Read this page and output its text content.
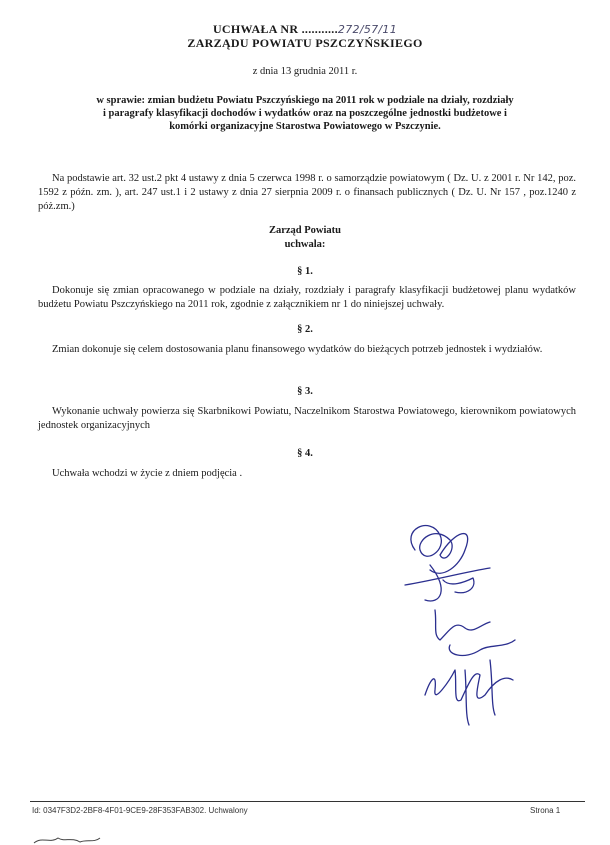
UCHWAŁA NR ...........272/57/11
ZARZĄDU POWIATU PSZCZYŃSKIEGO
z dnia 13 grudnia 2011 r.
w sprawie: zmian budżetu Powiatu Pszczyńskiego na 2011 rok w podziale na działy, rozdziały i paragrafy klasyfikacji dochodów i wydatków oraz na poszczególne jednostki budżetowe i komórki organizacyjne Starostwa Powiatowego w Pszczynie.
Na podstawie art. 32 ust.2 pkt 4 ustawy z dnia 5 czerwca 1998 r. o samorządzie powiatowym ( Dz. U. z 2001 r. Nr 142, poz. 1592 z późn. zm. ), art. 247 ust.1 i 2 ustawy z dnia 27 sierpnia 2009 r. o finansach publicznych ( Dz. U. Nr 157 , poz.1240 z póż.zm.)
Zarząd Powiatu
uchwala:
§ 1.
Dokonuje się zmian opracowanego w podziale na działy, rozdziały i paragrafy klasyfikacji budżetowej planu wydatków budżetu Powiatu Pszczyńskiego na 2011 rok, zgodnie z załącznikiem nr 1 do niniejszej uchwały.
§ 2.
Zmian dokonuje się celem dostosowania planu finansowego wydatków do bieżących potrzeb jednostek i wydziałów.
§ 3.
Wykonanie uchwały powierza się Skarbnikowi Powiatu, Naczelnikom Starostwa Powiatowego, kierownikom powiatowych jednostek organizacyjnych
§ 4.
Uchwała wchodzi w życie z dniem podjęcia .
Id: 0347F3D2-2BF8-4F01-9CE9-28F353FAB302. Uchwalony	Strona 1
